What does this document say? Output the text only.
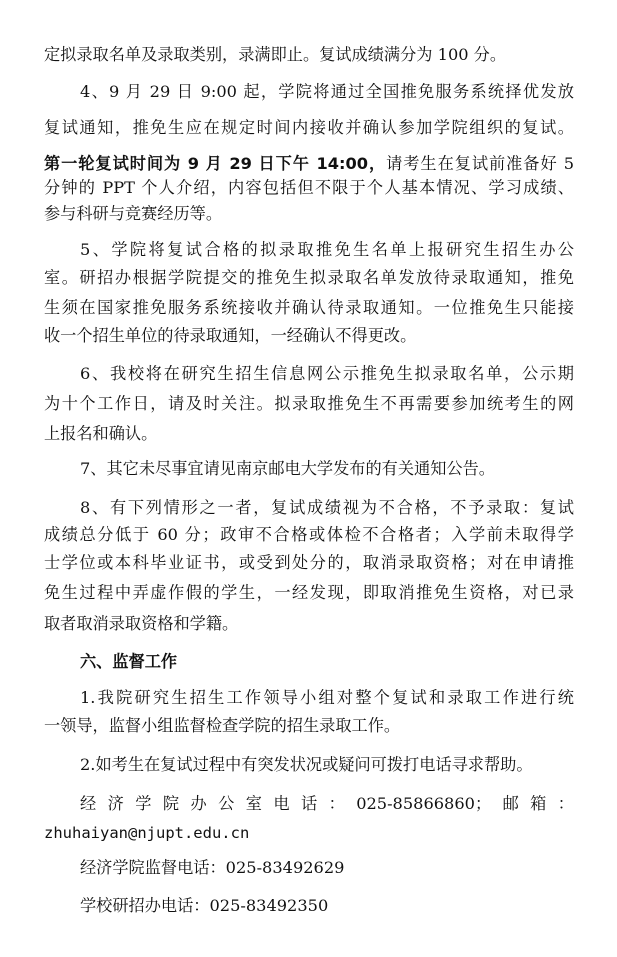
定拟录取名单及录取类别，录满即止。复试成绩满分为 100 分。
4、9 月 29 日 9:00 起，学院将通过全国推免服务系统择优发放
复试通知，推免生应在规定时间内接收并确认参加学院组织的复试。
第一轮复试时间为 9 月 29 日下午 14:00，请考生在复试前准备好 5
分钟的 PPT 个人介绍，内容包括但不限于个人基本情况、学习成绩、
参与科研与竞赛经历等。
5、学院将复试合格的拟录取推免生名单上报研究生招生办公
室。研招办根据学院提交的推免生拟录取名单发放待录取通知，推免
生须在国家推免服务系统接收并确认待录取通知。一位推免生只能接
收一个招生单位的待录取通知，一经确认不得更改。
6、我校将在研究生招生信息网公示推免生拟录取名单，公示期
为十个工作日，请及时关注。拟录取推免生不再需要参加统考生的网
上报名和确认。
7、其它未尽事宜请见南京邮电大学发布的有关通知公告。
8、有下列情形之一者，复试成绩视为不合格，不予录取：复试
成绩总分低于 60 分；政审不合格或体检不合格者；入学前未取得学
士学位或本科毕业证书，或受到处分的，取消录取资格；对在申请推
免生过程中弄虚作假的学生，一经发现，即取消推免生资格，对已录
取者取消录取资格和学籍。
六、监督工作
1.我院研究生招生工作领导小组对整个复试和录取工作进行统
一领导，监督小组监督检查学院的招生录取工作。
2.如考生在复试过程中有突发状况或疑问可拨打电话寻求帮助。
经济学院办公室电话：025-85866860；邮箱：
zhuhaiyan@njupt.edu.cn
经济学院监督电话：025-83492629
学校研招办电话：025-83492350
